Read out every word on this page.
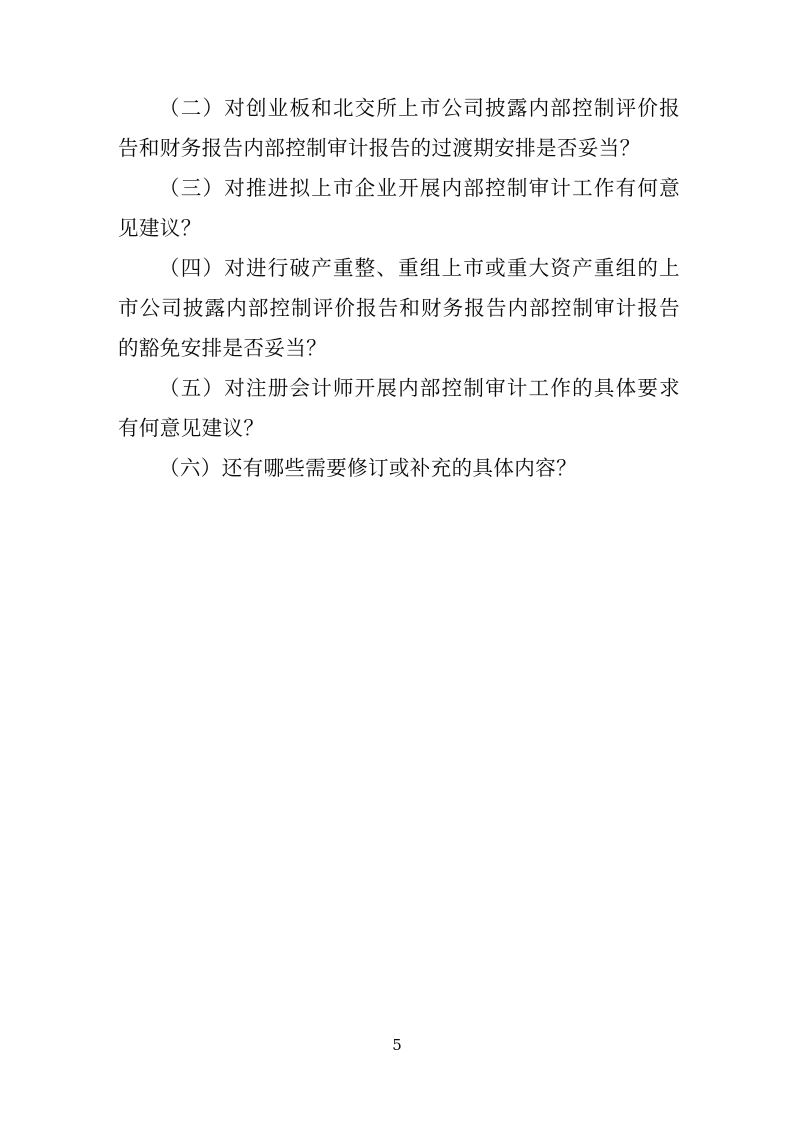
（二）对创业板和北交所上市公司披露内部控制评价报告和财务报告内部控制审计报告的过渡期安排是否妥当？

（三）对推进拟上市企业开展内部控制审计工作有何意见建议？

（四）对进行破产重整、重组上市或重大资产重组的上市公司披露内部控制评价报告和财务报告内部控制审计报告的豁免安排是否妥当？

（五）对注册会计师开展内部控制审计工作的具体要求有何意见建议？

（六）还有哪些需要修订或补充的具体内容？

5
